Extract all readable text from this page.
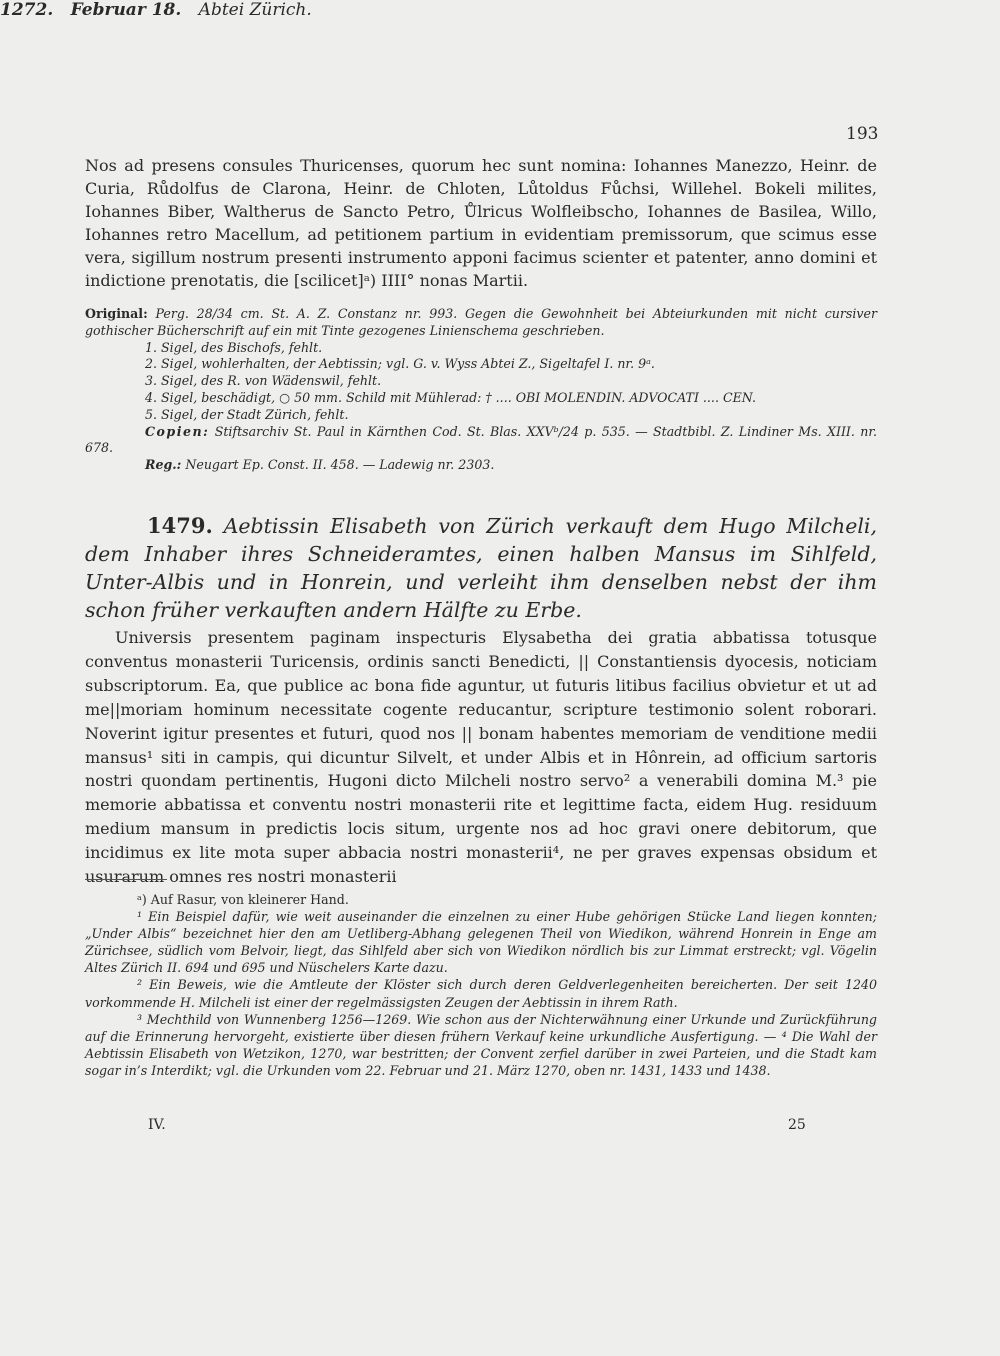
193
Nos ad presens consules Thuricenses, quorum hec sunt nomina: Iohannes Manezzo, Heinr. de Curia, Růdolfus de Clarona, Heinr. de Chloten, Lůtoldus Fůchsi, Willehel. Bokeli milites, Iohannes Biber, Waltherus de Sancto Petro, Ůlricus Wolfleibscho, Iohannes de Basilea, Willo, Iohannes retro Macellum, ad petitionem partium in evidentiam premissorum, que scimus esse vera, sigillum nostrum presenti instrumento apponi facimus scienter et patenter, anno domini et indictione prenotatis, die [scilicet]ᵃ) IIII° nonas Martii.

Original: Perg. 28/34 cm. St. A. Z. Constanz nr. 993. Gegen die Gewohnheit bei Abteiurkunden mit nicht cursiver gothischer Bücherschrift auf ein mit Tinte gezogenes Linienschema geschrieben.

1. Sigel, des Bischofs, fehlt.

2. Sigel, wohlerhalten, der Aebtissin; vgl. G. v. Wyss Abtei Z., Sigeltafel I. nr. 9ᵃ.

3. Sigel, des R. von Wädenswil, fehlt.

4. Sigel, beschädigt, ○ 50 mm. Schild mit Mühlerad: † .... OBI MOLENDIN. ADVOCATI .... CEN.

5. Sigel, der Stadt Zürich, fehlt.

Copien: Stiftsarchiv St. Paul in Kärnthen Cod. St. Blas. XXVᵇ/24 p. 535. — Stadtbibl. Z. Lindiner Ms. XIII. nr. 678.

Reg.: Neugart Ep. Const. II. 458. — Ladewig nr. 2303.

1479. Aebtissin Elisabeth von Zürich verkauft dem Hugo Milcheli, dem Inhaber ihres Schneideramtes, einen halben Mansus im Sihlfeld, Unter-Albis und in Honrein, und verleiht ihm denselben nebst der ihm schon früher verkauften andern Hälfte zu Erbe.
1272. Februar 18. Abtei Zürich.
Universis presentem paginam inspecturis Elysabetha dei gratia abbatissa totusque conventus monasterii Turicensis, ordinis sancti Benedicti, || Constantiensis dyocesis, noticiam subscriptorum. Ea, que publice ac bona fide aguntur, ut futuris litibus facilius obvietur et ut ad me||moriam hominum necessitate cogente reducantur, scripture testimonio solent roborari. Noverint igitur presentes et futuri, quod nos || bonam habentes memoriam de venditione medii mansus¹ siti in campis, qui dicuntur Silvelt, et under Albis et in Hônrein, ad officium sartoris nostri quondam pertinentis, Hugoni dicto Milcheli nostro servo² a venerabili domina M.³ pie memorie abbatissa et conventu nostri monasterii rite et legittime facta, eidem Hug. residuum medium mansum in predictis locis situm, urgente nos ad hoc gravi onere debitorum, que incidimus ex lite mota super abbacia nostri monasterii⁴, ne per graves expensas obsidum et usurarum omnes res nostri monasterii

ᵃ) Auf Rasur, von kleinerer Hand.

¹ Ein Beispiel dafür, wie weit auseinander die einzelnen zu einer Hube gehörigen Stücke Land liegen konnten; „Under Albis“ bezeichnet hier den am Uetliberg-Abhang gelegenen Theil von Wiedikon, während Honrein in Enge am Zürichsee, südlich vom Belvoir, liegt, das Sihlfeld aber sich von Wiedikon nördlich bis zur Limmat erstreckt; vgl. Vögelin Altes Zürich II. 694 und 695 und Nüschelers Karte dazu.

² Ein Beweis, wie die Amtleute der Klöster sich durch deren Geldverlegenheiten bereicherten. Der seit 1240 vorkommende H. Milcheli ist einer der regelmässigsten Zeugen der Aebtissin in ihrem Rath.

³ Mechthild von Wunnenberg 1256—1269. Wie schon aus der Nichterwähnung einer Urkunde und Zurückführung auf die Erinnerung hervorgeht, existierte über diesen frühern Verkauf keine urkundliche Ausfertigung. — ⁴ Die Wahl der Aebtissin Elisabeth von Wetzikon, 1270, war bestritten; der Convent zerfiel darüber in zwei Parteien, und die Stadt kam sogar in’s Interdikt; vgl. die Urkunden vom 22. Februar und 21. März 1270, oben nr. 1431, 1433 und 1438.

IV.	25
